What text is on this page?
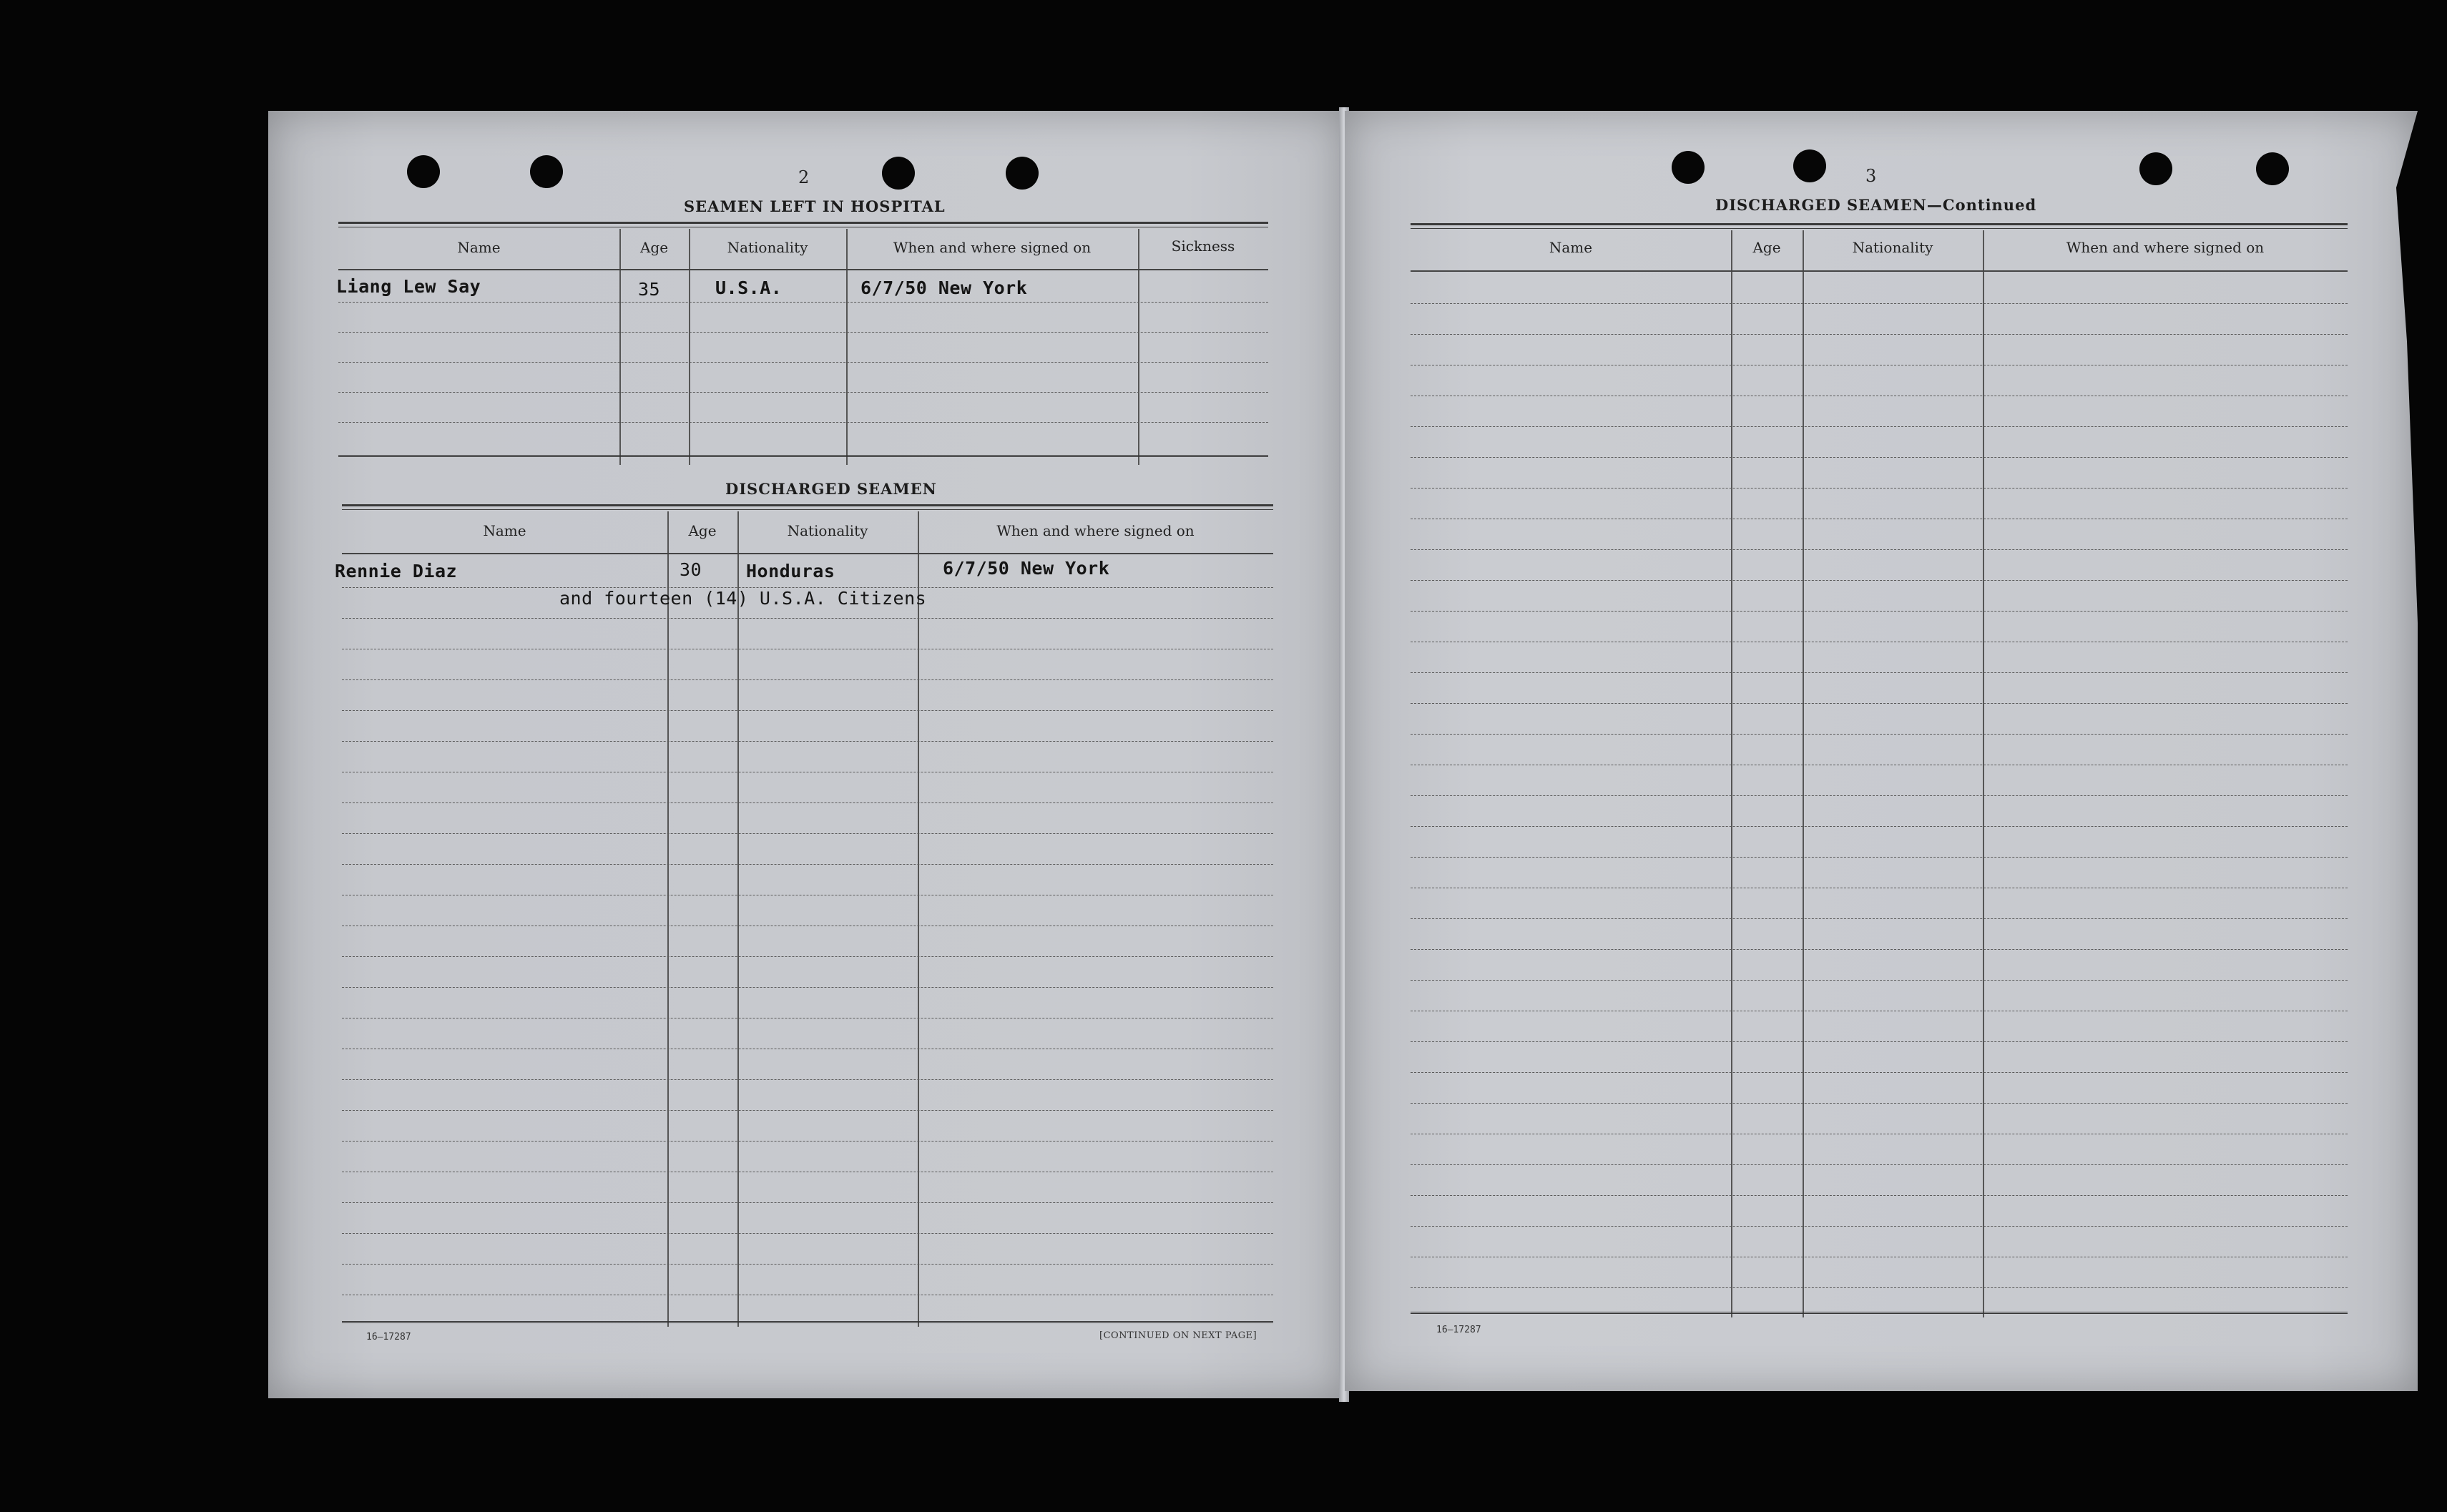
2
SEAMEN LEFT IN HOSPITAL
Name	Age	Nationality	When and where signed on	Sickness
Liang Lew Say	35	U.S.A.	6/7/50 New York
DISCHARGED SEAMEN
Name	Age	Nationality	When and where signed on
Rennie Diaz	30 Honduras	6/7/50 New York
and fourteen (14) U.S.A. Citizens
16—17287	[CONTINUED ON NEXT PAGE]
3
DISCHARGED SEAMEN—Continued
Name	Age	Nationality	When and where signed on
16—17287
